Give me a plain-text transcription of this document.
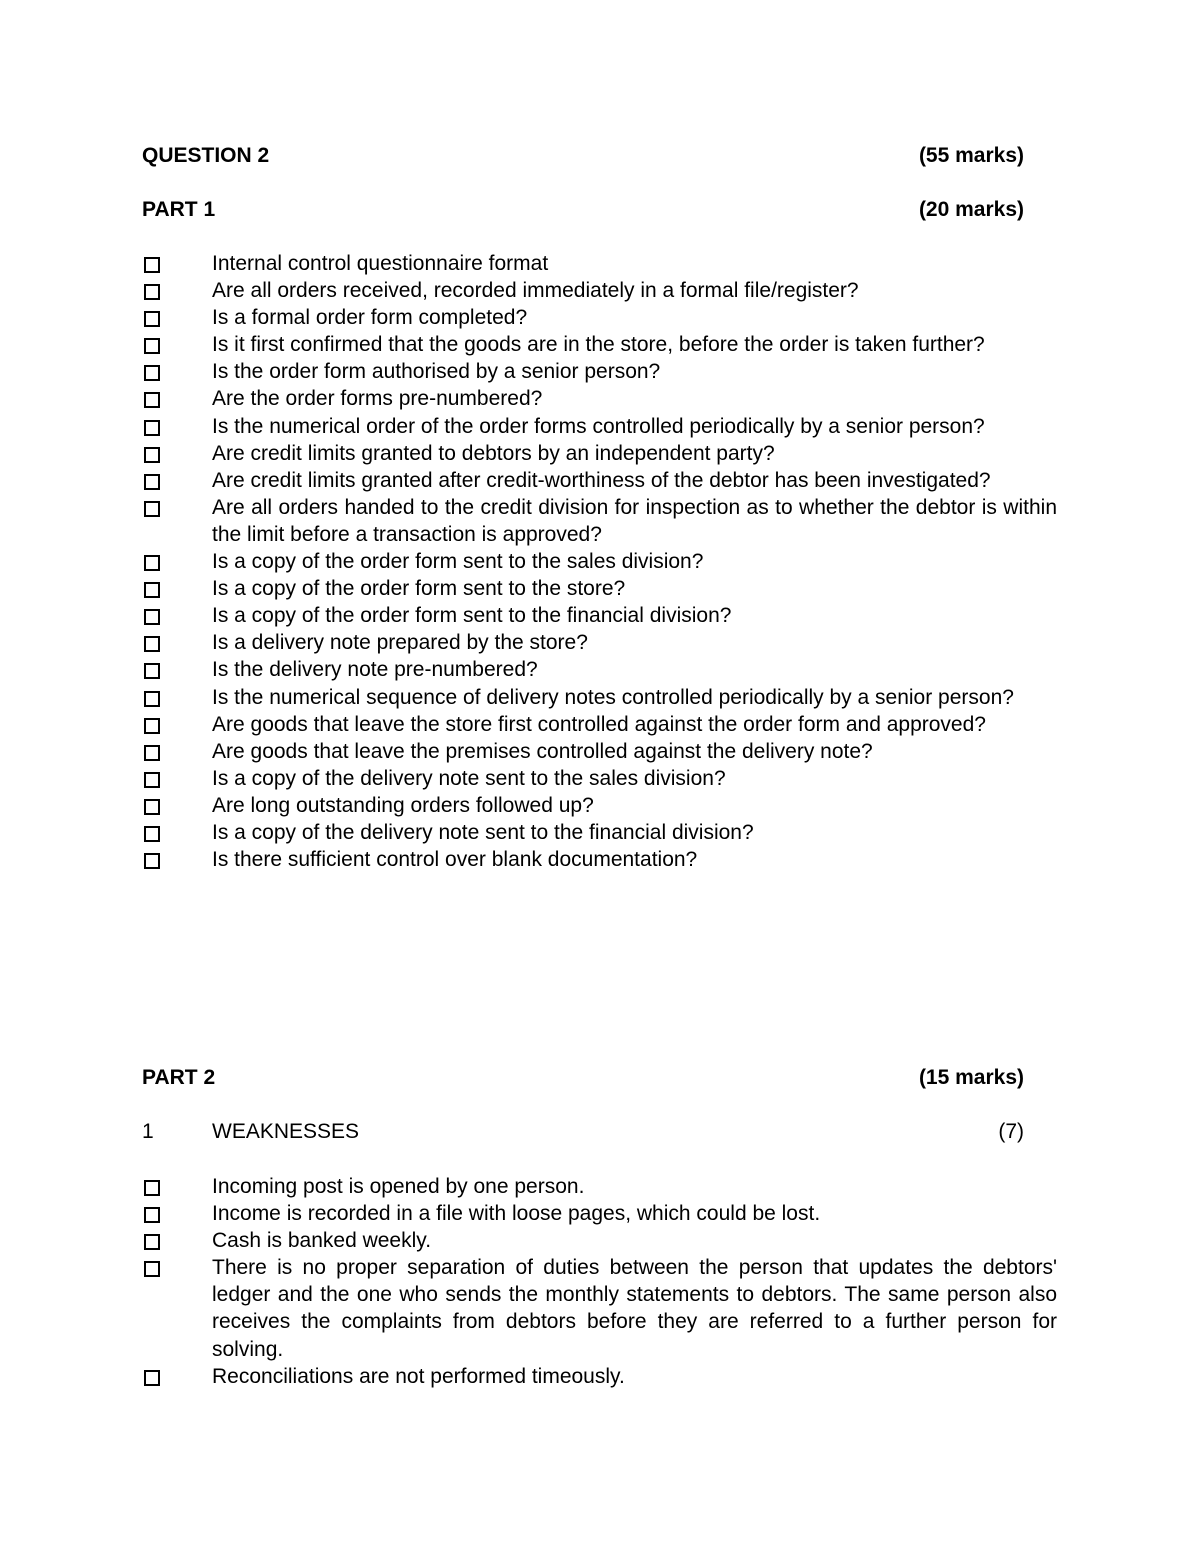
QUESTION 2	(55 marks)
PART 1	(20 marks)
Internal control questionnaire format
Are all orders received, recorded immediately in a formal file/register?
Is a formal order form completed?
Is it first confirmed that the goods are in the store, before the order is taken further?
Is the order form authorised by a senior person?
Are the order forms pre-numbered?
Is the numerical order of the order forms controlled periodically by a senior person?
Are credit limits granted to debtors by an independent party?
Are credit limits granted after credit-worthiness of the debtor has been investigated?
Are all orders handed to the credit division for inspection as to whether the debtor is within the limit before a transaction is approved?
Is a copy of the order form sent to the sales division?
Is a copy of the order form sent to the store?
Is a copy of the order form sent to the financial division?
Is a delivery note prepared by the store?
Is the delivery note pre-numbered?
Is the numerical sequence of delivery notes controlled periodically by a senior person?
Are goods that leave the store first controlled against the order form and approved?
Are goods that leave the premises controlled against the delivery note?
Is a copy of the delivery note sent to the sales division?
Are long outstanding orders followed up?
Is a copy of the delivery note sent to the financial division?
Is there sufficient control over blank documentation?
PART 2	(15 marks)
1	WEAKNESSES	(7)
Incoming post is opened by one person.
Income is recorded in a file with loose pages, which could be lost.
Cash is banked weekly.
There is no proper separation of duties between the person that updates the debtors' ledger and the one who sends the monthly statements to debtors. The same person also receives the complaints from debtors before they are referred to a further person for solving.
Reconciliations are not performed timeously.
